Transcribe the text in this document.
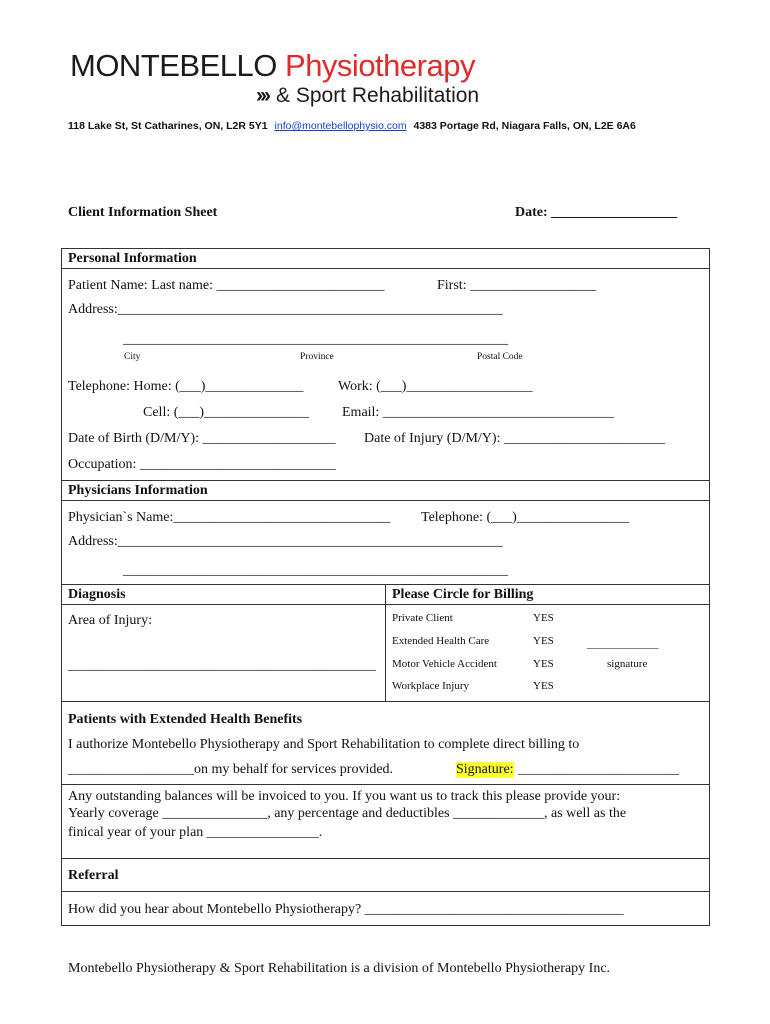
MONTEBELLO Physiotherapy
››› & Sport Rehabilitation
118 Lake St, St Catharines, ON, L2R 5Y1 info@montebellophysio.com 4383 Portage Rd, Niagara Falls, ON, L2E 6A6
Client Information Sheet	Date: __________________
Personal Information
Patient Name: Last name: ________________________	First: __________________
Address:_______________________________________________________
_______________________________________________________
City	Province	Postal Code
Telephone: Home: (___)______________ Work: (___)__________________
Cell: (___)_______________ Email: _________________________________
Date of Birth (D/M/Y): ___________________ Date of Injury (D/M/Y): _______________________
Occupation: ____________________________
Physicians Information
Physician`s Name:_______________________________ Telephone: (___)________________
Address:_______________________________________________________
_______________________________________________________
Diagnosis	Please Circle for Billing
Area of Injury:
____________________________________________
Private Client	YES
Extended Health Care	YES
Motor Vehicle Accident	YES
Workplace Injury	YES
_____________
signature
Patients with Extended Health Benefits
I authorize Montebello Physiotherapy and Sport Rehabilitation to complete direct billing to
__________________on my behalf for services provided.	Signature: _______________________
Any outstanding balances will be invoiced to you. If you want us to track this please provide your:
Yearly coverage _______________, any percentage and deductibles _____________, as well as the
finical year of your plan ________________.
Referral
How did you hear about Montebello Physiotherapy? _____________________________________
Montebello Physiotherapy & Sport Rehabilitation is a division of Montebello Physiotherapy Inc.
